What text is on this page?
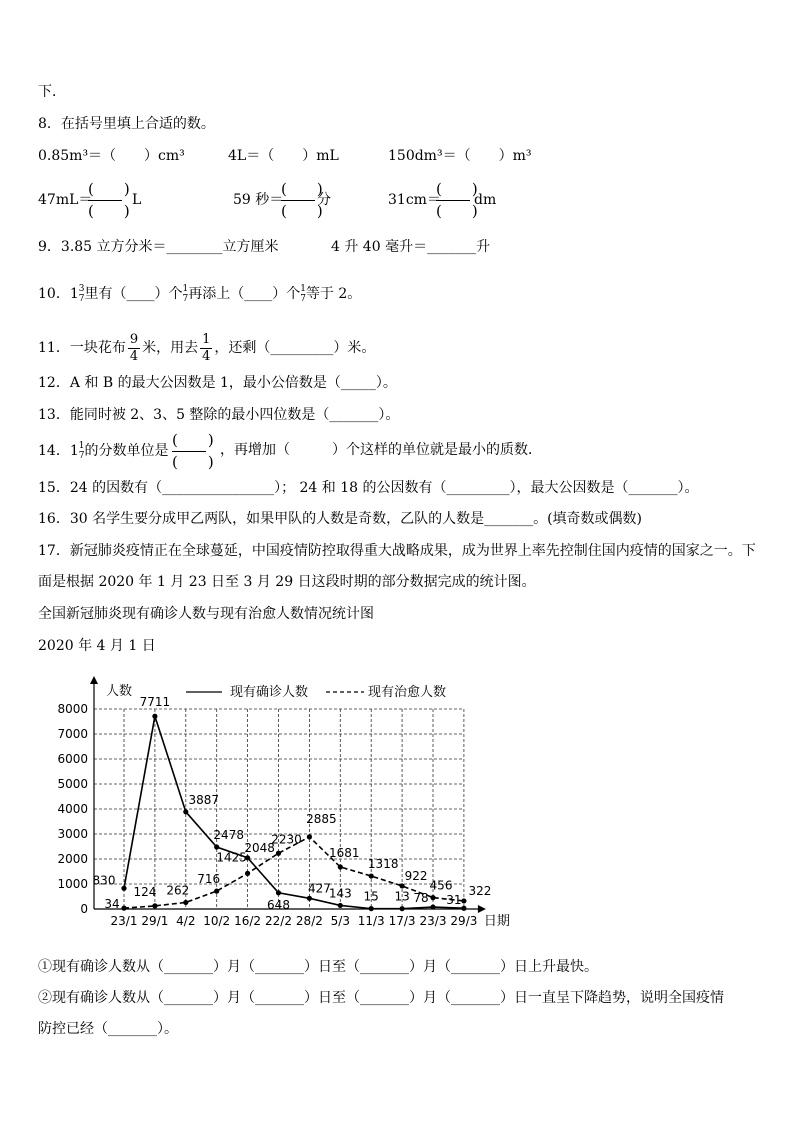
下．
8．在括号里填上合适的数。
0.85m³＝（　　）cm³	4L＝（　　）mL	150dm³＝（　　）m³
47mL＝
(　　)
(　　)
L	59 秒＝
(　　)
(　　)
分	31cm＝
(　　)
(　　)
dm
9．3.85 立方分米＝________立方厘米	4 升 40 毫升＝_______升
10．13
7里有（____）个1
7再添上（____）个1
7等于 2。
11．一块花布 $\frac{9}{4}$ 米，用去 $\frac{1}{4}$ ，还剩（_________）米。
12．A 和 B 的最大公因数是 1，最小公倍数是（_____）。
13．能同时被 2、3、5 整除的最小四位数是（_______）。
14．11
7的分数单位是
(　　)
(　　)
，再增加（　　　）个这样的单位就是最小的质数．
15．24 的因数有（________________）； 24 和 18 的公因数有（_________），最大公因数是（_______）。
16．30 名学生要分成甲乙两队，如果甲队的人数是奇数，乙队的人数是_______。(填奇数或偶数)
17．新冠肺炎疫情正在全球蔓延，中国疫情防控取得重大战略成果，成为世界上率先控制住国内疫情的国家之一。下
面是根据 2020 年 1 月 23 日至 3 月 29 日这段时期的部分数据完成的统计图。
全国新冠肺炎现有确诊人数与现有治愈人数情况统计图
2020 年 4 月 1 日
0
1000
2000
3000
4000
5000
6000
7000
8000
23/1 29/1 4/2 10/2 16/2 22/2 28/2 5/3 11/3 17/3 23/3 29/3
人数
日期
830
7711
3887
2478
2048
648
427
143 15 13 78 31
34
124 262
716
1425
2230
2885
1681
1318
922
456 322
现有确诊人数	现有治愈人数
①现有确诊人数从（_______）月（_______）日至（_______）月（_______）日上升最快。
②现有确诊人数从（_______）月（_______）日至（_______）月（_______）日一直呈下降趋势，说明全国疫情
防控已经（_______）。
